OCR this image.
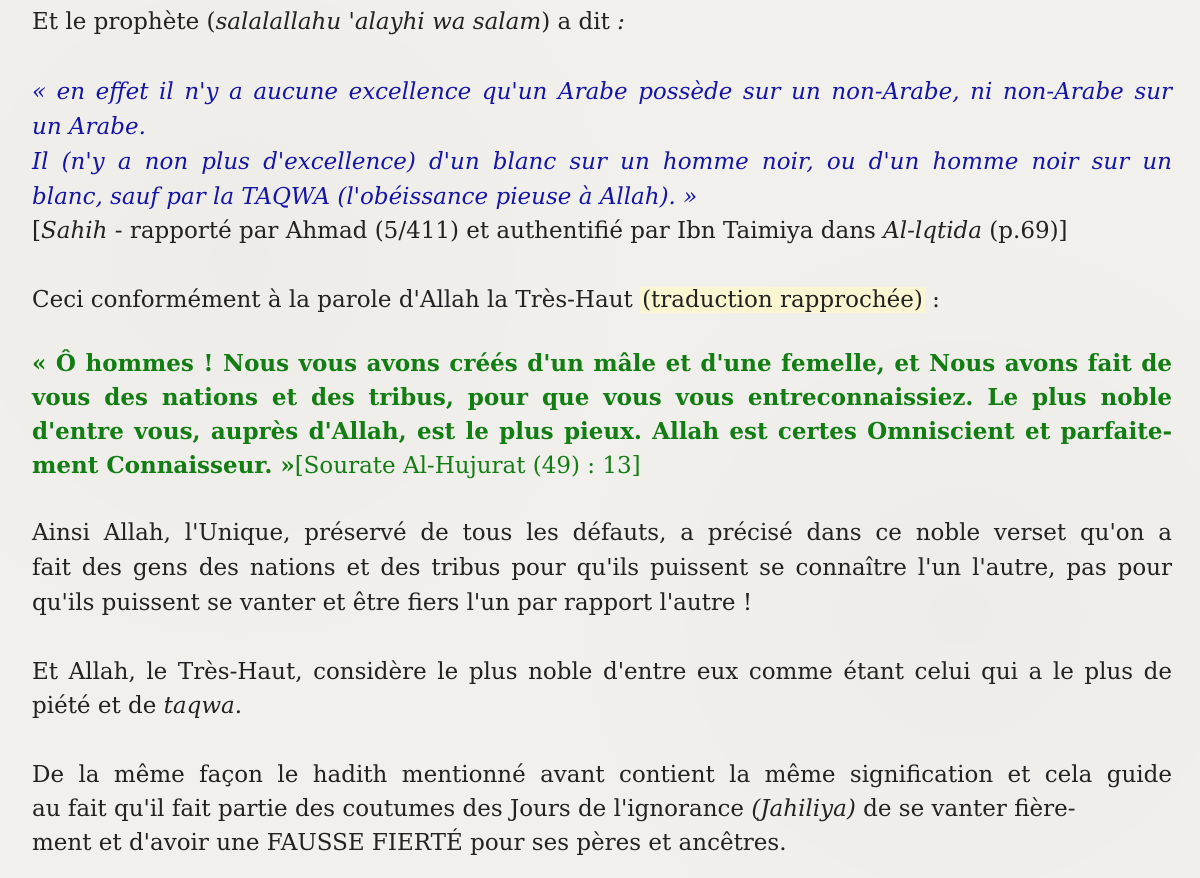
Et le prophète (salalallahu 'alayhi wa salam) a dit :
« en effet il n'y a aucune excellence qu'un Arabe possède sur un non-Arabe, ni non-Arabe sur
un Arabe.
Il (n'y a non plus d'excellence) d'un blanc sur un homme noir, ou d'un homme noir sur un
blanc, sauf par la TAQWA (l'obéissance pieuse à Allah). »
[Sahih - rapporté par Ahmad (5/411) et authentifié par Ibn Taimiya dans Al-lqtida (p.69)]
Ceci conformément à la parole d'Allah la Très-Haut (traduction rapprochée) :
« Ô hommes ! Nous vous avons créés d'un mâle et d'une femelle, et Nous avons fait de
vous des nations et des tribus, pour que vous vous entreconnaissiez. Le plus noble
d'entre vous, auprès d'Allah, est le plus pieux. Allah est certes Omniscient et parfaite-
ment Connaisseur. »[Sourate Al-Hujurat (49) : 13]
Ainsi Allah, l'Unique, préservé de tous les défauts, a précisé dans ce noble verset qu'on a
fait des gens des nations et des tribus pour qu'ils puissent se connaître l'un l'autre, pas pour
qu'ils puissent se vanter et être fiers l'un par rapport l'autre !
Et Allah, le Très-Haut, considère le plus noble d'entre eux comme étant celui qui a le plus de
piété et de taqwa.
De la même façon le hadith mentionné avant contient la même signification et cela guide
au fait qu'il fait partie des coutumes des Jours de l'ignorance (Jahiliya) de se vanter fière-
ment et d'avoir une FAUSSE FIERTÉ pour ses pères et ancêtres.
